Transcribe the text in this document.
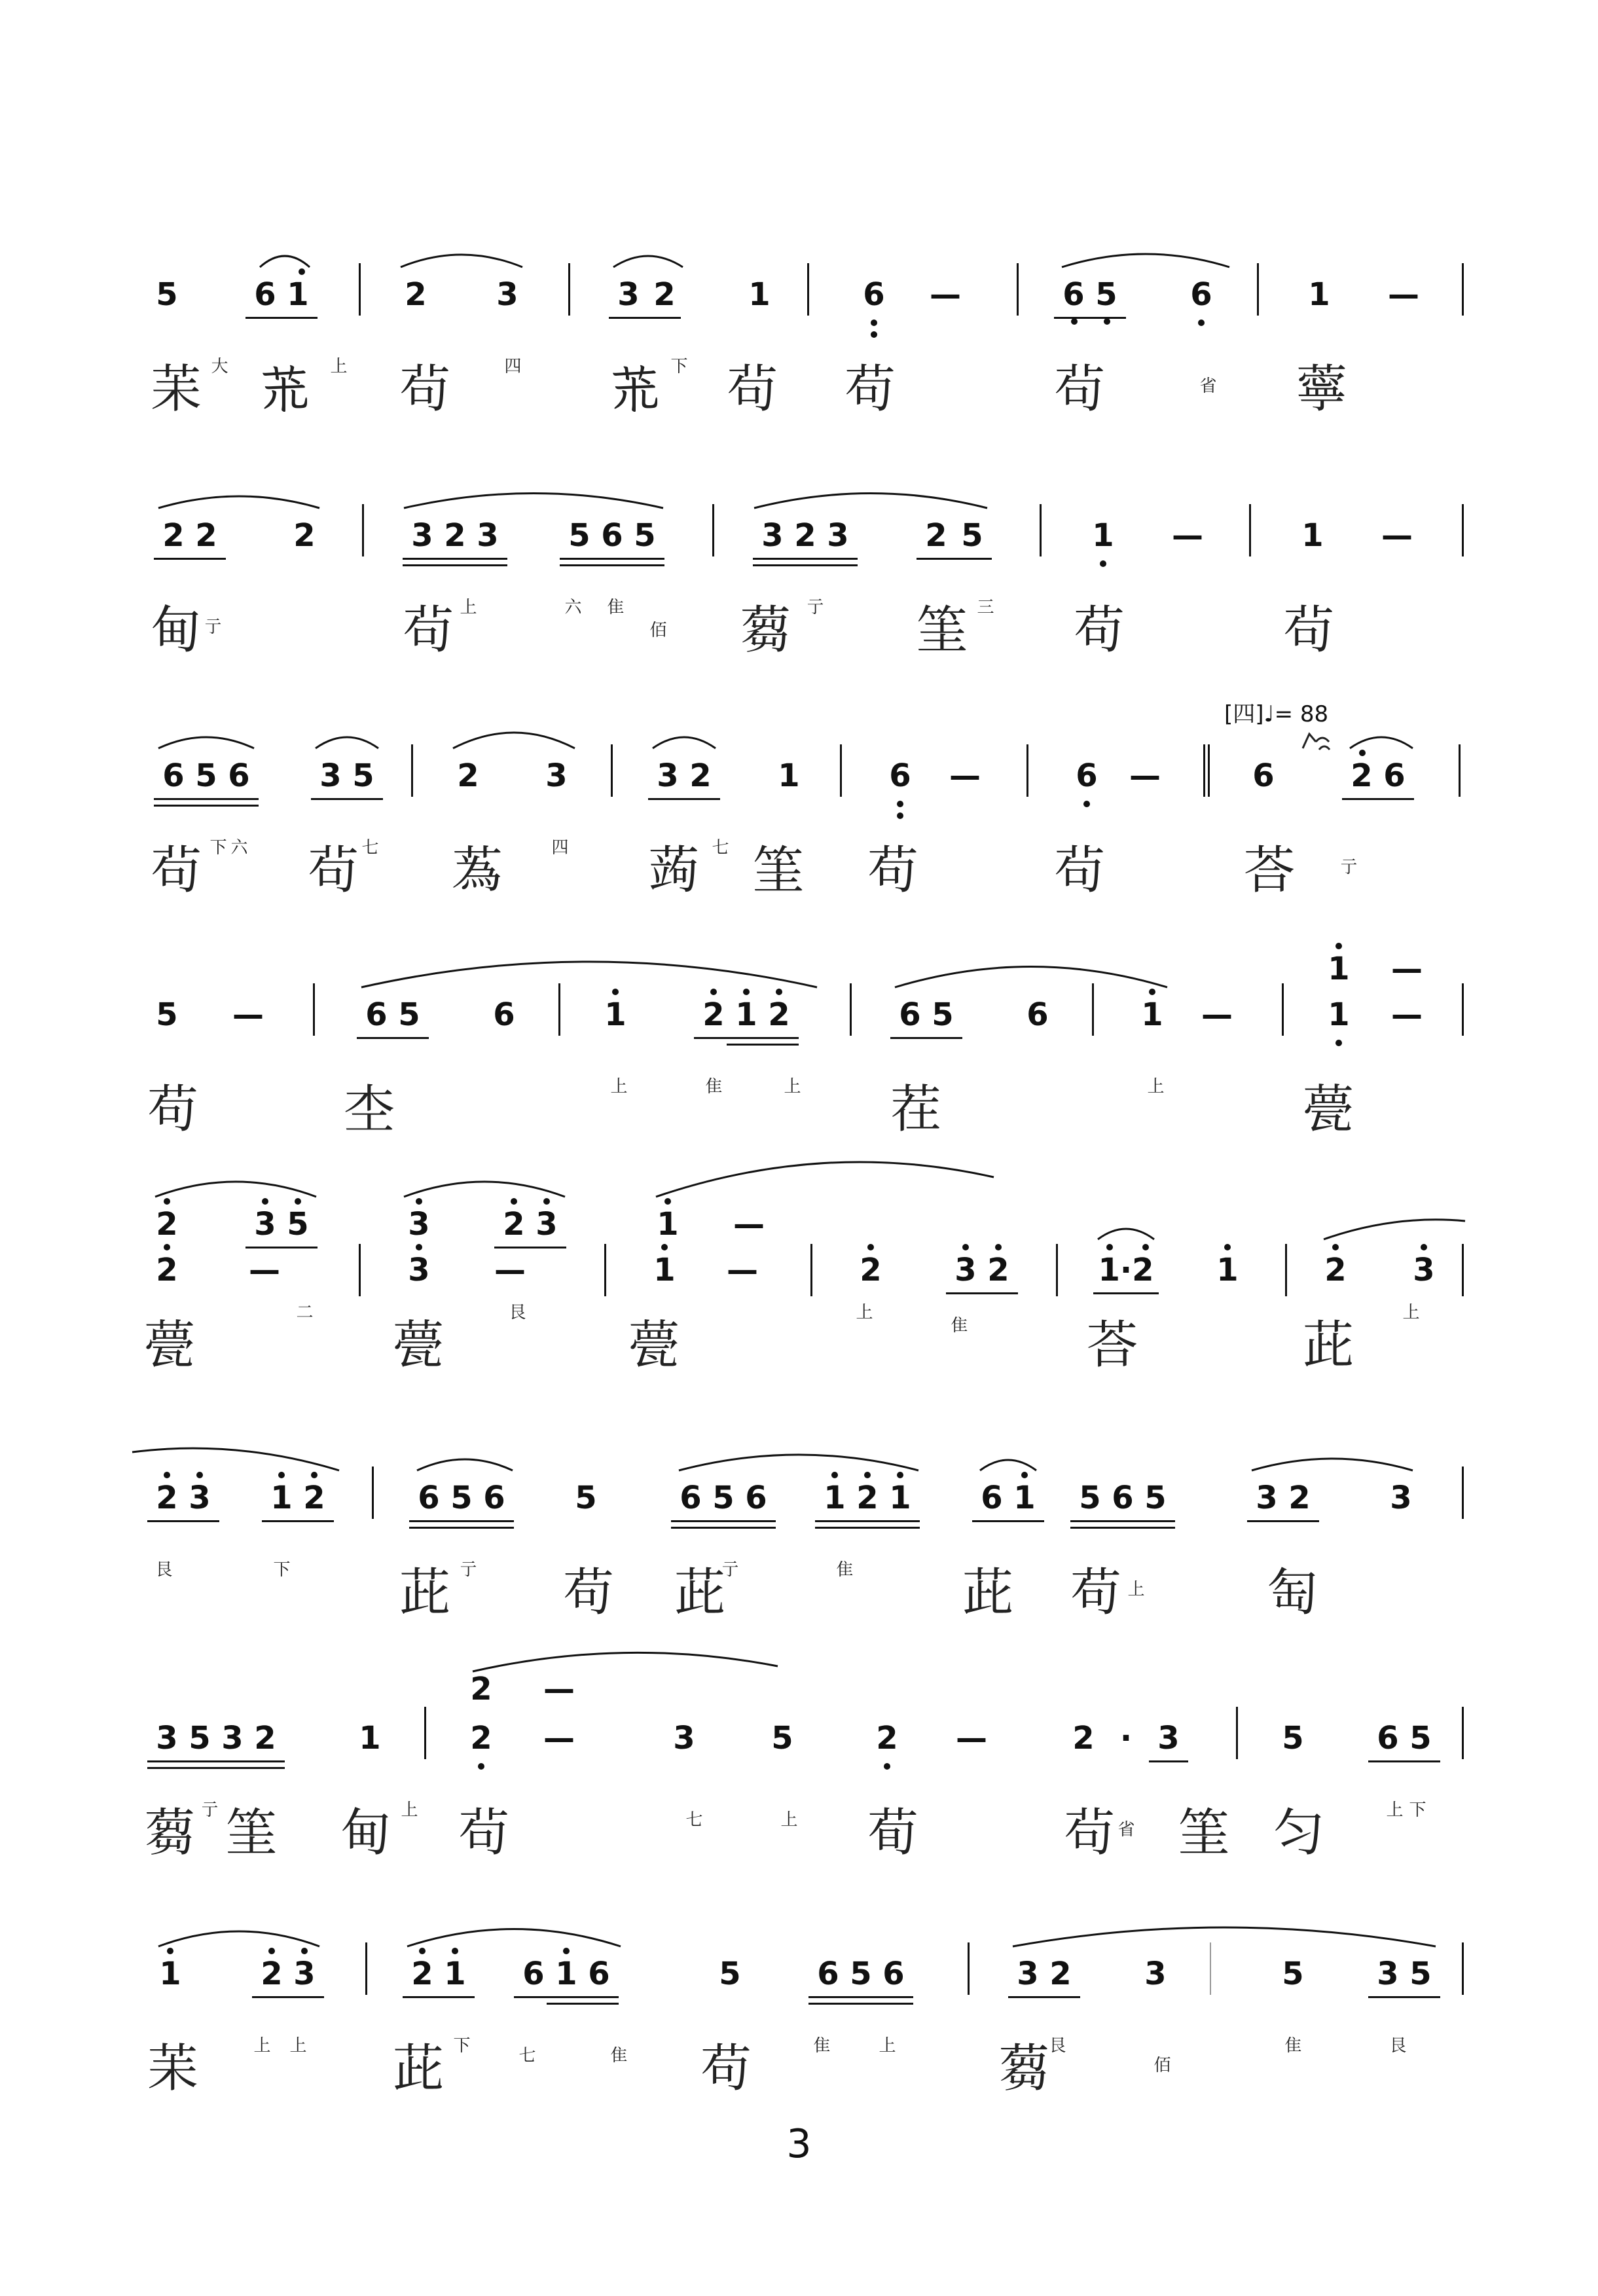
5 6 1	2 3	3 2 1	6 —	6 5 6	1 —
苿 𦬸 茍	𦬸 茍 苟	茍	薴
大	上	四	下
省
2 2 2	3 2 3 5 6 5	3 2 3 2 5	1 —	1 —
甸	茍	蒭 筀 苟	茍
亍
上	六 隹
佰
亍	三
[四]♩= 88
6 5 6 3 5	2 3	3 2 1	6 —	6 —	6 2 6
茍 茍 蒍	蒟 筀 苟	茍	荅
下 六	七	四	七
亍
5 —	6 5 6	1 2 1 2	6 5 6	1 —
1 —
1 —
苟	杢	茬	甍
上	隹	上	上
2 3 5	3 2 3	1 —
2 —	3 —	1 —	2 3 2	1·2 1	2 3
甍	甍	甍	荅	茈
二	艮	上
隹
上
2 3 1 2	6 5 6 5	6 5 6 1 2 1 6 1 5 6 5	3 2	3
茈 苟 茈	茈 苟	匋
艮	下	亍	亍	隹
上
3 5 3 2	1
2 —
2 —	3 5	2 —	2 · 3	5 6 5
蒭 筀 甸 茍	荀	茍 筀 匀
亍	上
七	上
省
上 下
1	2 3	2 1 6 1 6	5 6 5 6	3 2 3	5 3 5
苿	茈	苟	蒭
上 上	下
七	隹
隹	上	艮
佰
隹	艮
3
